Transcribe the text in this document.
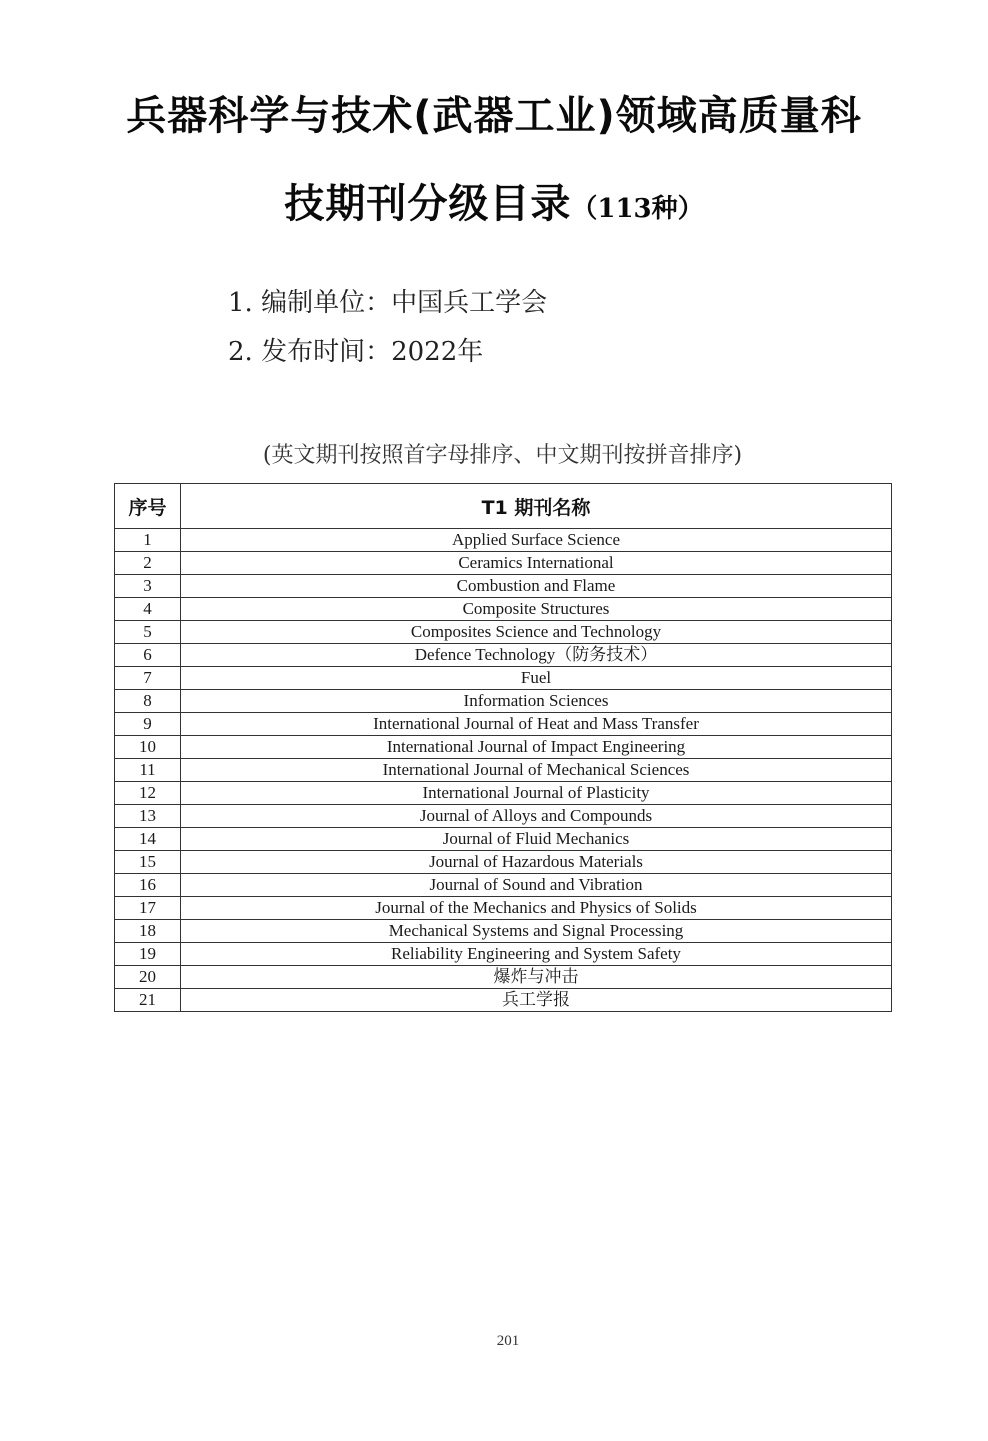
兵器科学与技术(武器工业)领域高质量科
技期刊分级目录（113种）
1. 编制单位：中国兵工学会
2. 发布时间：2022年
(英文期刊按照首字母排序、中文期刊按拼音排序)
序号	T1 期刊名称
1	Applied Surface Science
2	Ceramics International
3	Combustion and Flame
4	Composite Structures
5	Composites Science and Technology
6	Defence Technology（防务技术）
7	Fuel
8	Information Sciences
9	International Journal of Heat and Mass Transfer
10	International Journal of Impact Engineering
11	International Journal of Mechanical Sciences
12	International Journal of Plasticity
13	Journal of Alloys and Compounds
14	Journal of Fluid Mechanics
15	Journal of Hazardous Materials
16	Journal of Sound and Vibration
17	Journal of the Mechanics and Physics of Solids
18	Mechanical Systems and Signal Processing
19	Reliability Engineering and System Safety
20	爆炸与冲击
21	兵工学报
201
